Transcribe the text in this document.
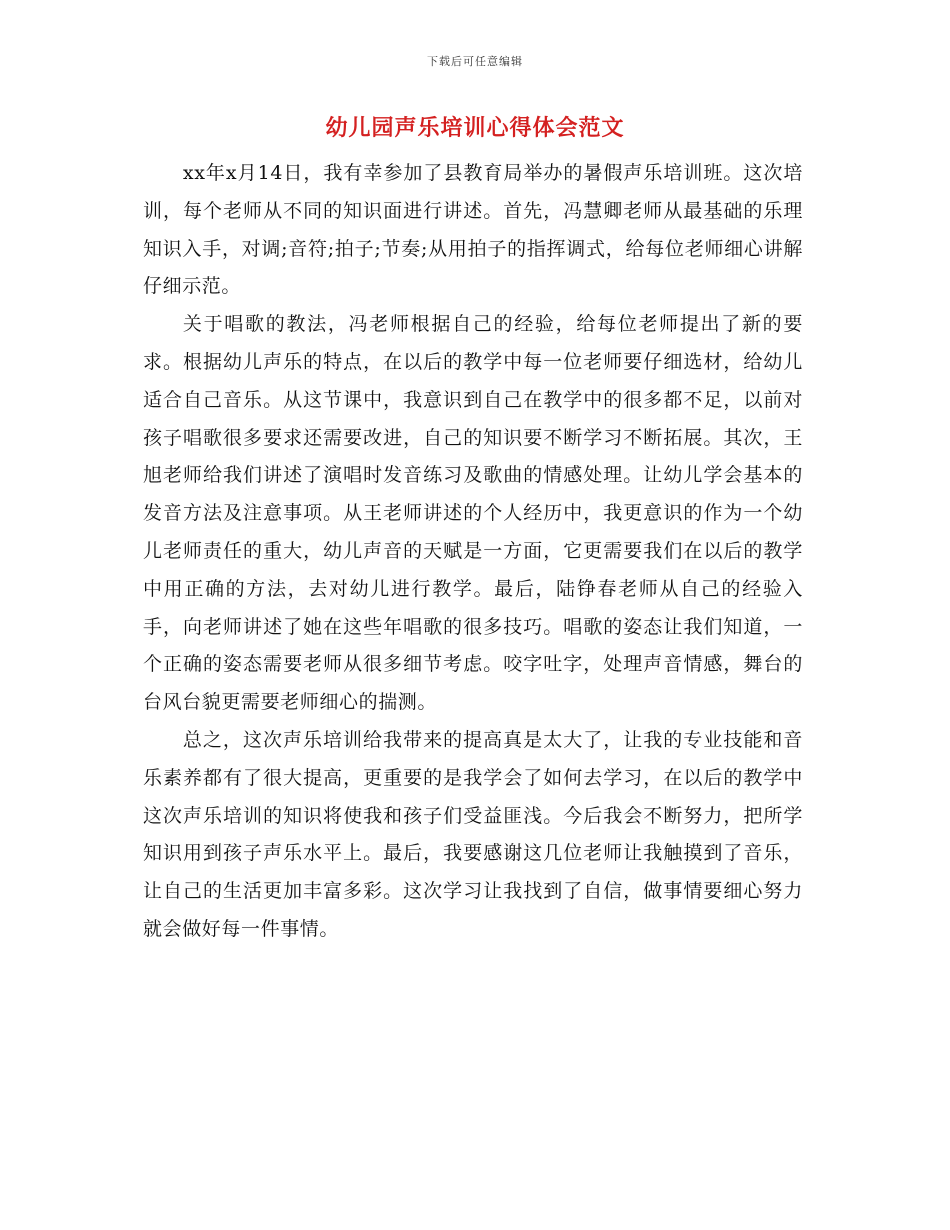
下载后可任意编辑
幼儿园声乐培训心得体会范文

xx年x月14日，我有幸参加了县教育局举办的暑假声乐培训班。这次培训，每个老师从不同的知识面进行讲述。首先，冯慧卿老师从最基础的乐理知识入手，对调;音符;拍子;节奏;从用拍子的指挥调式，给每位老师细心讲解仔细示范。

关于唱歌的教法，冯老师根据自己的经验，给每位老师提出了新的要求。根据幼儿声乐的特点，在以后的教学中每一位老师要仔细选材，给幼儿适合自己音乐。从这节课中，我意识到自己在教学中的很多都不足，以前对孩子唱歌很多要求还需要改进，自己的知识要不断学习不断拓展。其次，王旭老师给我们讲述了演唱时发音练习及歌曲的情感处理。让幼儿学会基本的发音方法及注意事项。从王老师讲述的个人经历中，我更意识的作为一个幼儿老师责任的重大，幼儿声音的天赋是一方面，它更需要我们在以后的教学中用正确的方法，去对幼儿进行教学。最后，陆铮春老师从自己的经验入手，向老师讲述了她在这些年唱歌的很多技巧。唱歌的姿态让我们知道，一个正确的姿态需要老师从很多细节考虑。咬字吐字，处理声音情感，舞台的台风台貌更需要老师细心的揣测。

总之，这次声乐培训给我带来的提高真是太大了，让我的专业技能和音乐素养都有了很大提高，更重要的是我学会了如何去学习，在以后的教学中这次声乐培训的知识将使我和孩子们受益匪浅。今后我会不断努力，把所学知识用到孩子声乐水平上。最后，我要感谢这几位老师让我触摸到了音乐，让自己的生活更加丰富多彩。这次学习让我找到了自信，做事情要细心努力就会做好每一件事情。
